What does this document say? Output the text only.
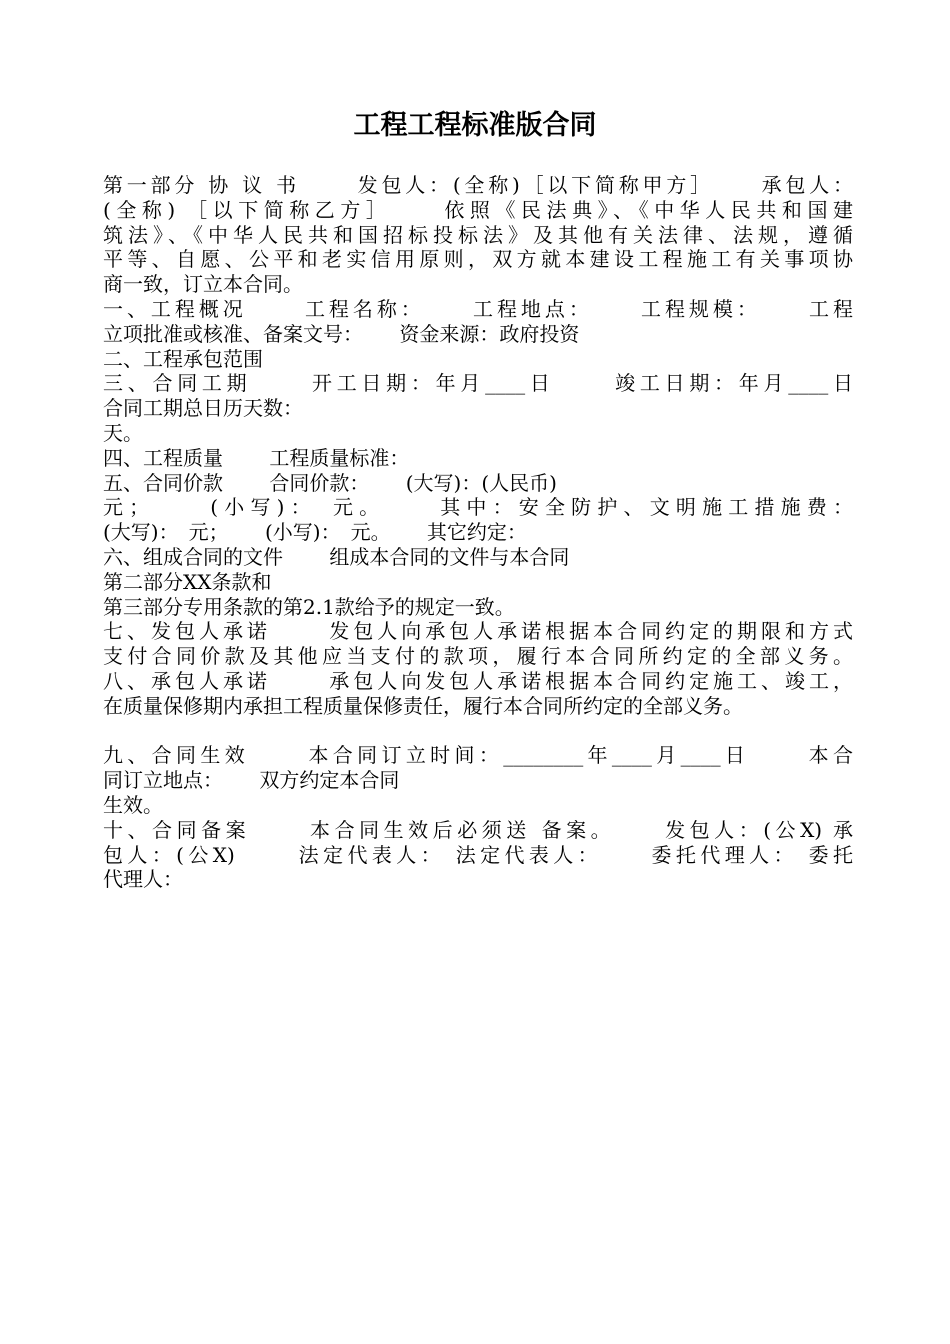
工程工程标准版合同
第一部分 协 议 书　　 发包人：(全称)［以下简称甲方］　　 承包人：
(全称) ［以下简称乙方］　　 依照《民法典》、《中华人民共和国建
筑法》、《中华人民共和国招标投标法》及其他有关法律、法规，遵循
平等、自愿、公平和老实信用原则，双方就本建设工程施工有关事项协
商一致，订立本合同。
一、工程概况　　 工程名称：　　 工程地点：　　 工程规模：　　 工程
立项批准或核准、备案文号：　　 资金来源：政府投资
二、工程承包范围
三、合同工期　　 开工日期：年月____日　　 竣工日期：年月____日
合同工期总日历天数：
天。
四、工程质量　　 工程质量标准：
五、合同价款　　 合同价款：　　 (大写)：(人民币)
元；　　 (小写)：　元。　　 其中：安全防护、文明施工措施费：
(大写)：　元；　　 (小写)：　元。　　 其它约定：
六、组成合同的文件　　 组成本合同的文件与本合同
第二部分XX条款和
第三部分专用条款的第2.1款给予的规定一致。
七、发包人承诺　　 发包人向承包人承诺根据本合同约定的期限和方式
支付合同价款及其他应当支付的款项，履行本合同所约定的全部义务。
八、承包人承诺　　 承包人向发包人承诺根据本合同约定施工、竣工，
在质量保修期内承担工程质量保修责任，履行本合同所约定的全部义务。
九、合同生效　　 本合同订立时间：________年____月____日　　 本合
同订立地点：　　 双方约定本合同
生效。
十、合同备案　　 本合同生效后必须送 备案。　　 发包人：(公X) 承
包人：(公X)　　 法定代表人： 法定代表人：　　 委托代理人： 委托
代理人：
